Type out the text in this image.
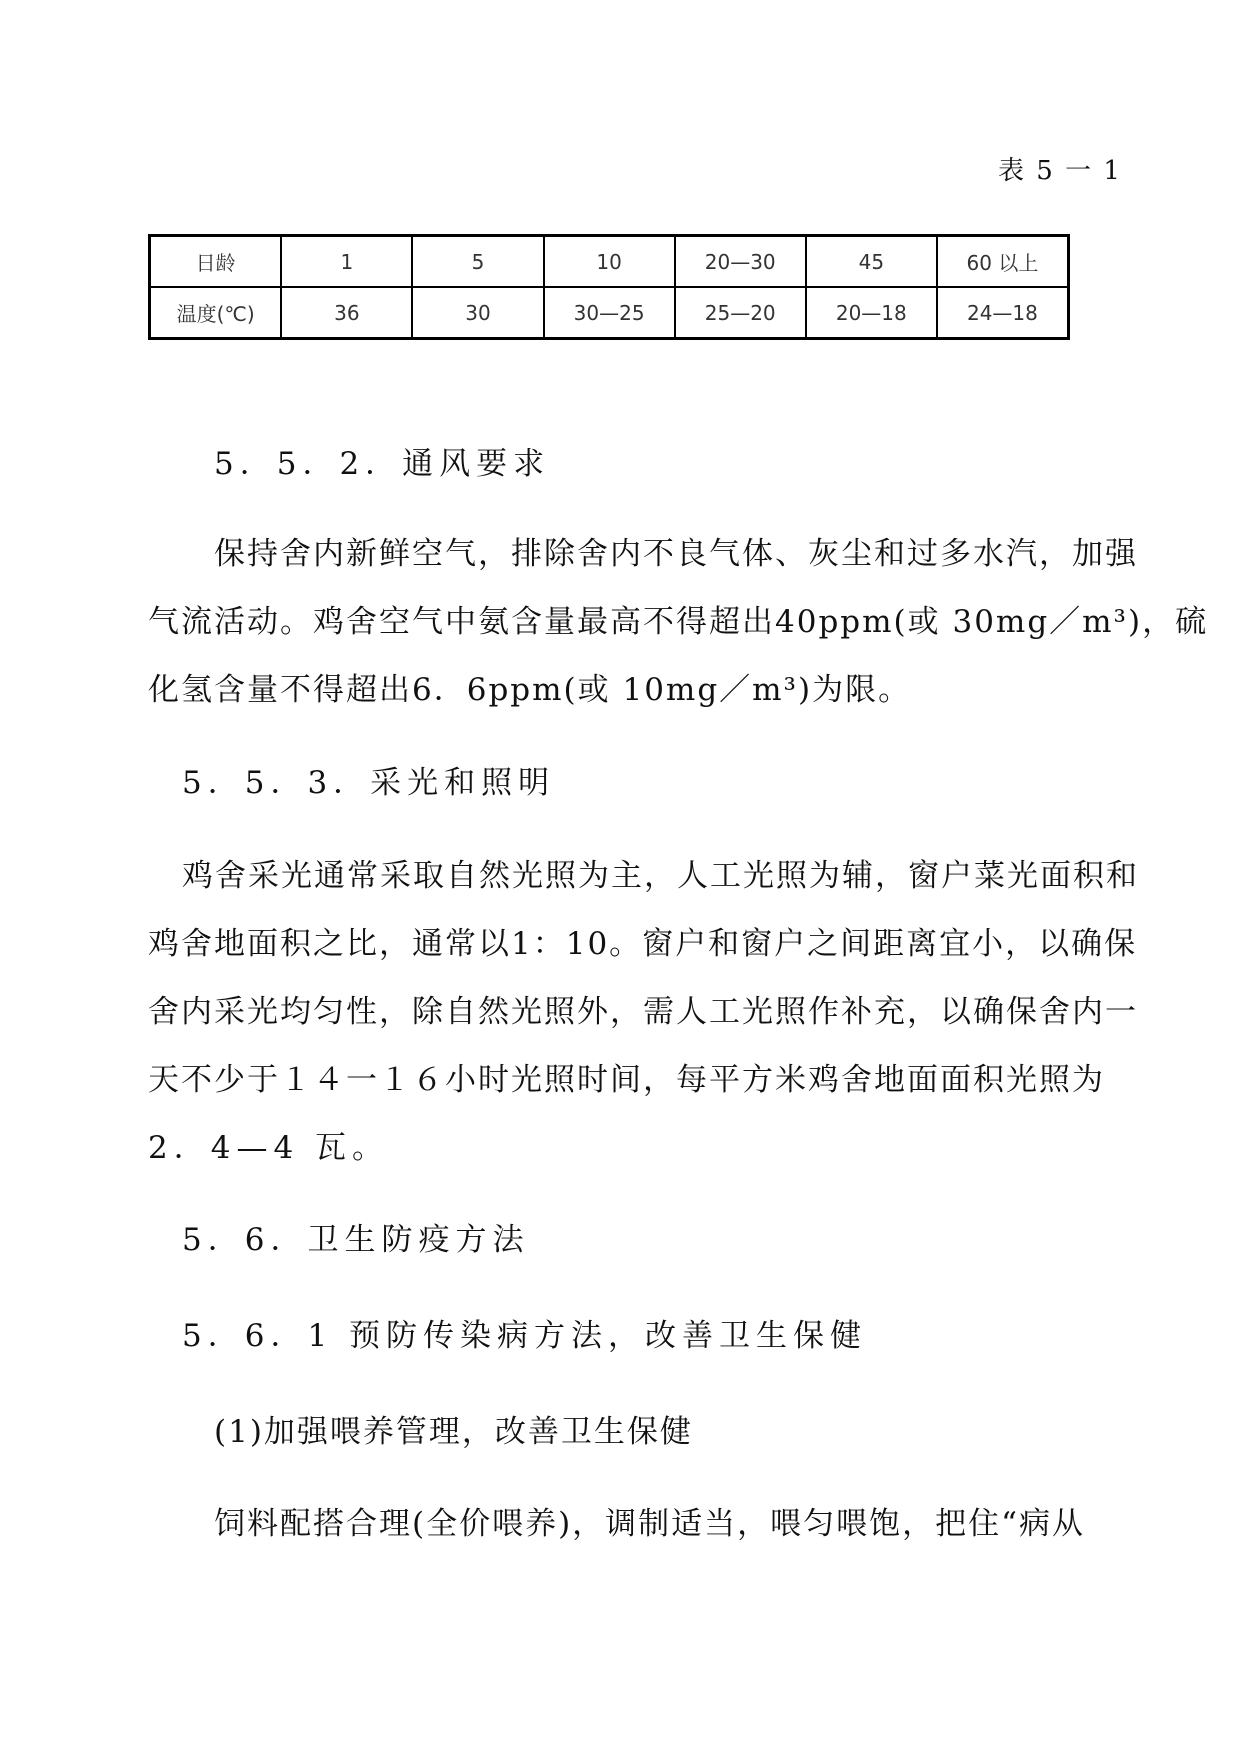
表 5 一 1
日龄	1	5	10	20—30	45	60 以上
温度(℃)	36	30	30—25	25—20	20—18	24—18
5．5．2．通风要求
保持舍内新鲜空气，排除舍内不良气体、灰尘和过多水汽，加强
气流活动。鸡舍空气中氨含量最高不得超出40ppm(或 30mg／m³)，硫
化氢含量不得超出6．6ppm(或 10mg／m³)为限。
5．5．3．采光和照明
鸡舍采光通常采取自然光照为主，人工光照为辅，窗户菜光面积和
鸡舍地面积之比，通常以1：10。窗户和窗户之间距离宜小，以确保
舍内采光均匀性，除自然光照外，需人工光照作补充，以确保舍内一
天不少于１４一１６小时光照时间，每平方米鸡舍地面面积光照为
2．4—4 瓦。
5．6．卫生防疫方法
5．6．1 预防传染病方法，改善卫生保健
(1)加强喂养管理，改善卫生保健
饲料配搭合理(全价喂养)，调制适当，喂匀喂饱，把住“病从
